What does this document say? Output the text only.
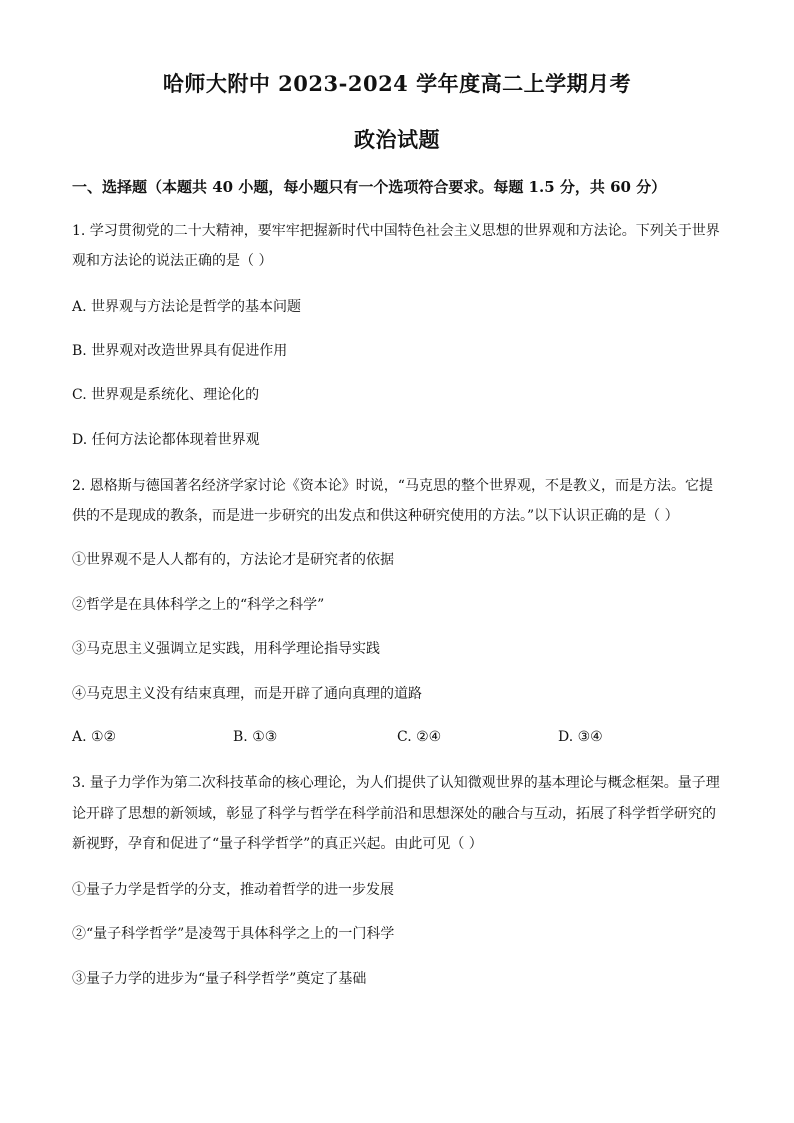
哈师大附中 2023-2024 学年度高二上学期月考
政治试题
一、选择题（本题共 40 小题，每小题只有一个选项符合要求。每题 1.5 分，共 60 分）
1. 学习贯彻党的二十大精神，要牢牢把握新时代中国特色社会主义思想的世界观和方法论。下列关于世界
观和方法论的说法正确的是（ ）
A. 世界观与方法论是哲学的基本问题
B. 世界观对改造世界具有促进作用
C. 世界观是系统化、理论化的
D. 任何方法论都体现着世界观
2. 恩格斯与德国著名经济学家讨论《资本论》时说，“马克思的整个世界观，不是教义，而是方法。它提
供的不是现成的教条，而是进一步研究的出发点和供这种研究使用的方法。”以下认识正确的是（ ）
①世界观不是人人都有的，方法论才是研究者的依据
②哲学是在具体科学之上的“科学之科学”
③马克思主义强调立足实践，用科学理论指导实践
④马克思主义没有结束真理，而是开辟了通向真理的道路
A. ①②	B. ①③	C. ②④	D. ③④
3. 量子力学作为第二次科技革命的核心理论，为人们提供了认知微观世界的基本理论与概念框架。量子理
论开辟了思想的新领域，彰显了科学与哲学在科学前沿和思想深处的融合与互动，拓展了科学哲学研究的
新视野，孕育和促进了“量子科学哲学”的真正兴起。由此可见（ ）
①量子力学是哲学的分支，推动着哲学的进一步发展
②“量子科学哲学”是凌驾于具体科学之上的一门科学
③量子力学的进步为“量子科学哲学”奠定了基础
